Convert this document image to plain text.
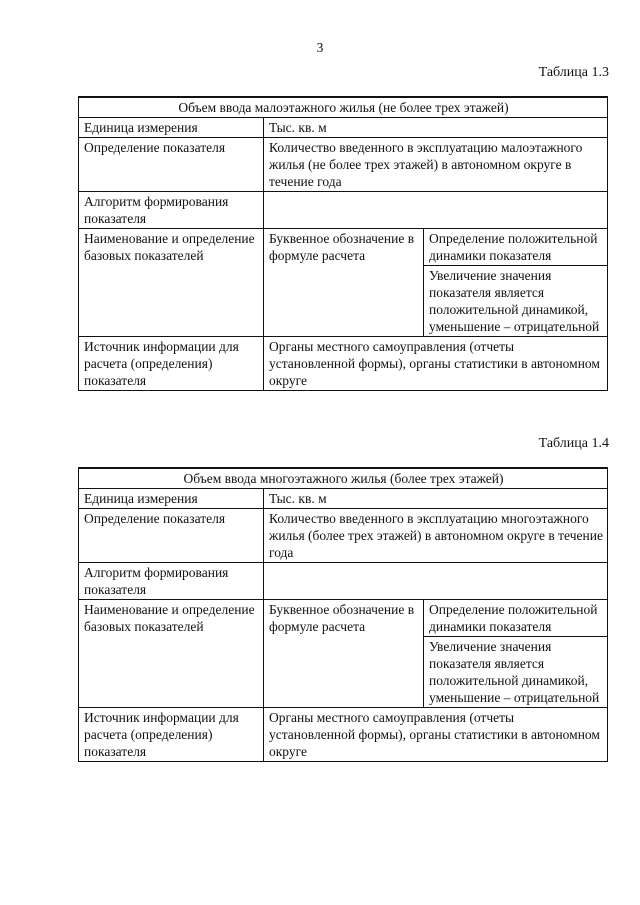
3
Таблица 1.3
Объем ввода малоэтажного жилья (не более трех этажей)		
Единица измерения	Тыс. кв. м	
Определение показателя	Количество введенного в эксплуатацию малоэтажного жилья (не более трех этажей) в автономном округе в течение года	
Алгоритм формирования показателя		
Наименование и определение базовых показателей	Буквенное обозначение в формуле расчета	Определение положительной динамики показателя
		Увеличение значения показателя является положительной динамикой, уменьшение – отрицательной
Источник информации для расчета (определения) показателя	Органы местного самоуправления (отчеты установленной формы), органы статистики в автономном округе	
Таблица 1.4
Объем ввода многоэтажного жилья (более трех этажей)		
Единица измерения	Тыс. кв. м	
Определение показателя	Количество введенного в эксплуатацию многоэтажного жилья (более трех этажей) в автономном округе в течение года	
Алгоритм формирования показателя		
Наименование и определение базовых показателей	Буквенное обозначение в формуле расчета	Определение положительной динамики показателя
		Увеличение значения показателя является положительной динамикой, уменьшение – отрицательной
Источник информации для расчета (определения) показателя	Органы местного самоуправления (отчеты установленной формы), органы статистики в автономном округе	
